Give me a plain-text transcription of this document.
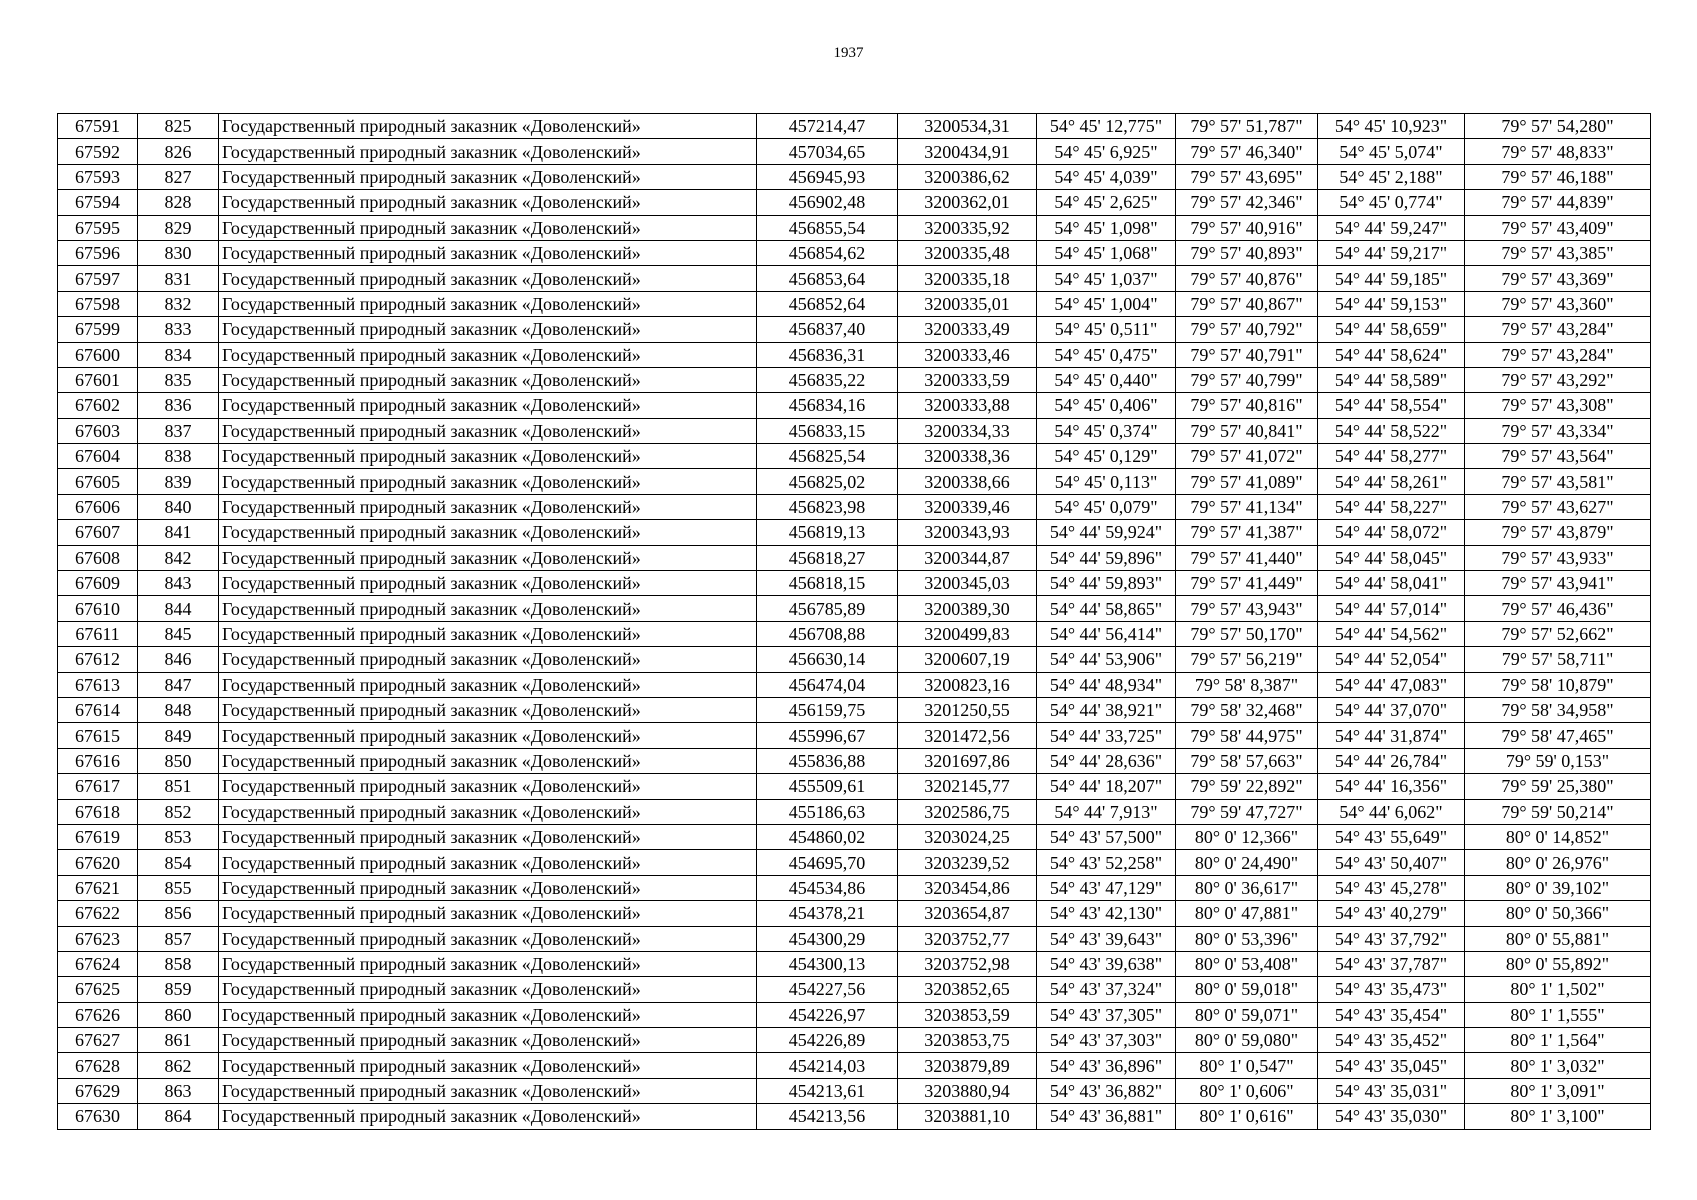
1937
67591	825	Государственный природный заказник «Доволенский»	457214,47	3200534,31	54° 45' 12,775"	79° 57' 51,787"	54° 45' 10,923"	79° 57' 54,280"
67592	826	Государственный природный заказник «Доволенский»	457034,65	3200434,91	54° 45' 6,925"	79° 57' 46,340"	54° 45' 5,074"	79° 57' 48,833"
67593	827	Государственный природный заказник «Доволенский»	456945,93	3200386,62	54° 45' 4,039"	79° 57' 43,695"	54° 45' 2,188"	79° 57' 46,188"
67594	828	Государственный природный заказник «Доволенский»	456902,48	3200362,01	54° 45' 2,625"	79° 57' 42,346"	54° 45' 0,774"	79° 57' 44,839"
67595	829	Государственный природный заказник «Доволенский»	456855,54	3200335,92	54° 45' 1,098"	79° 57' 40,916"	54° 44' 59,247"	79° 57' 43,409"
67596	830	Государственный природный заказник «Доволенский»	456854,62	3200335,48	54° 45' 1,068"	79° 57' 40,893"	54° 44' 59,217"	79° 57' 43,385"
67597	831	Государственный природный заказник «Доволенский»	456853,64	3200335,18	54° 45' 1,037"	79° 57' 40,876"	54° 44' 59,185"	79° 57' 43,369"
67598	832	Государственный природный заказник «Доволенский»	456852,64	3200335,01	54° 45' 1,004"	79° 57' 40,867"	54° 44' 59,153"	79° 57' 43,360"
67599	833	Государственный природный заказник «Доволенский»	456837,40	3200333,49	54° 45' 0,511"	79° 57' 40,792"	54° 44' 58,659"	79° 57' 43,284"
67600	834	Государственный природный заказник «Доволенский»	456836,31	3200333,46	54° 45' 0,475"	79° 57' 40,791"	54° 44' 58,624"	79° 57' 43,284"
67601	835	Государственный природный заказник «Доволенский»	456835,22	3200333,59	54° 45' 0,440"	79° 57' 40,799"	54° 44' 58,589"	79° 57' 43,292"
67602	836	Государственный природный заказник «Доволенский»	456834,16	3200333,88	54° 45' 0,406"	79° 57' 40,816"	54° 44' 58,554"	79° 57' 43,308"
67603	837	Государственный природный заказник «Доволенский»	456833,15	3200334,33	54° 45' 0,374"	79° 57' 40,841"	54° 44' 58,522"	79° 57' 43,334"
67604	838	Государственный природный заказник «Доволенский»	456825,54	3200338,36	54° 45' 0,129"	79° 57' 41,072"	54° 44' 58,277"	79° 57' 43,564"
67605	839	Государственный природный заказник «Доволенский»	456825,02	3200338,66	54° 45' 0,113"	79° 57' 41,089"	54° 44' 58,261"	79° 57' 43,581"
67606	840	Государственный природный заказник «Доволенский»	456823,98	3200339,46	54° 45' 0,079"	79° 57' 41,134"	54° 44' 58,227"	79° 57' 43,627"
67607	841	Государственный природный заказник «Доволенский»	456819,13	3200343,93	54° 44' 59,924"	79° 57' 41,387"	54° 44' 58,072"	79° 57' 43,879"
67608	842	Государственный природный заказник «Доволенский»	456818,27	3200344,87	54° 44' 59,896"	79° 57' 41,440"	54° 44' 58,045"	79° 57' 43,933"
67609	843	Государственный природный заказник «Доволенский»	456818,15	3200345,03	54° 44' 59,893"	79° 57' 41,449"	54° 44' 58,041"	79° 57' 43,941"
67610	844	Государственный природный заказник «Доволенский»	456785,89	3200389,30	54° 44' 58,865"	79° 57' 43,943"	54° 44' 57,014"	79° 57' 46,436"
67611	845	Государственный природный заказник «Доволенский»	456708,88	3200499,83	54° 44' 56,414"	79° 57' 50,170"	54° 44' 54,562"	79° 57' 52,662"
67612	846	Государственный природный заказник «Доволенский»	456630,14	3200607,19	54° 44' 53,906"	79° 57' 56,219"	54° 44' 52,054"	79° 57' 58,711"
67613	847	Государственный природный заказник «Доволенский»	456474,04	3200823,16	54° 44' 48,934"	79° 58' 8,387"	54° 44' 47,083"	79° 58' 10,879"
67614	848	Государственный природный заказник «Доволенский»	456159,75	3201250,55	54° 44' 38,921"	79° 58' 32,468"	54° 44' 37,070"	79° 58' 34,958"
67615	849	Государственный природный заказник «Доволенский»	455996,67	3201472,56	54° 44' 33,725"	79° 58' 44,975"	54° 44' 31,874"	79° 58' 47,465"
67616	850	Государственный природный заказник «Доволенский»	455836,88	3201697,86	54° 44' 28,636"	79° 58' 57,663"	54° 44' 26,784"	79° 59' 0,153"
67617	851	Государственный природный заказник «Доволенский»	455509,61	3202145,77	54° 44' 18,207"	79° 59' 22,892"	54° 44' 16,356"	79° 59' 25,380"
67618	852	Государственный природный заказник «Доволенский»	455186,63	3202586,75	54° 44' 7,913"	79° 59' 47,727"	54° 44' 6,062"	79° 59' 50,214"
67619	853	Государственный природный заказник «Доволенский»	454860,02	3203024,25	54° 43' 57,500"	80° 0' 12,366"	54° 43' 55,649"	80° 0' 14,852"
67620	854	Государственный природный заказник «Доволенский»	454695,70	3203239,52	54° 43' 52,258"	80° 0' 24,490"	54° 43' 50,407"	80° 0' 26,976"
67621	855	Государственный природный заказник «Доволенский»	454534,86	3203454,86	54° 43' 47,129"	80° 0' 36,617"	54° 43' 45,278"	80° 0' 39,102"
67622	856	Государственный природный заказник «Доволенский»	454378,21	3203654,87	54° 43' 42,130"	80° 0' 47,881"	54° 43' 40,279"	80° 0' 50,366"
67623	857	Государственный природный заказник «Доволенский»	454300,29	3203752,77	54° 43' 39,643"	80° 0' 53,396"	54° 43' 37,792"	80° 0' 55,881"
67624	858	Государственный природный заказник «Доволенский»	454300,13	3203752,98	54° 43' 39,638"	80° 0' 53,408"	54° 43' 37,787"	80° 0' 55,892"
67625	859	Государственный природный заказник «Доволенский»	454227,56	3203852,65	54° 43' 37,324"	80° 0' 59,018"	54° 43' 35,473"	80° 1' 1,502"
67626	860	Государственный природный заказник «Доволенский»	454226,97	3203853,59	54° 43' 37,305"	80° 0' 59,071"	54° 43' 35,454"	80° 1' 1,555"
67627	861	Государственный природный заказник «Доволенский»	454226,89	3203853,75	54° 43' 37,303"	80° 0' 59,080"	54° 43' 35,452"	80° 1' 1,564"
67628	862	Государственный природный заказник «Доволенский»	454214,03	3203879,89	54° 43' 36,896"	80° 1' 0,547"	54° 43' 35,045"	80° 1' 3,032"
67629	863	Государственный природный заказник «Доволенский»	454213,61	3203880,94	54° 43' 36,882"	80° 1' 0,606"	54° 43' 35,031"	80° 1' 3,091"
67630	864	Государственный природный заказник «Доволенский»	454213,56	3203881,10	54° 43' 36,881"	80° 1' 0,616"	54° 43' 35,030"	80° 1' 3,100"
